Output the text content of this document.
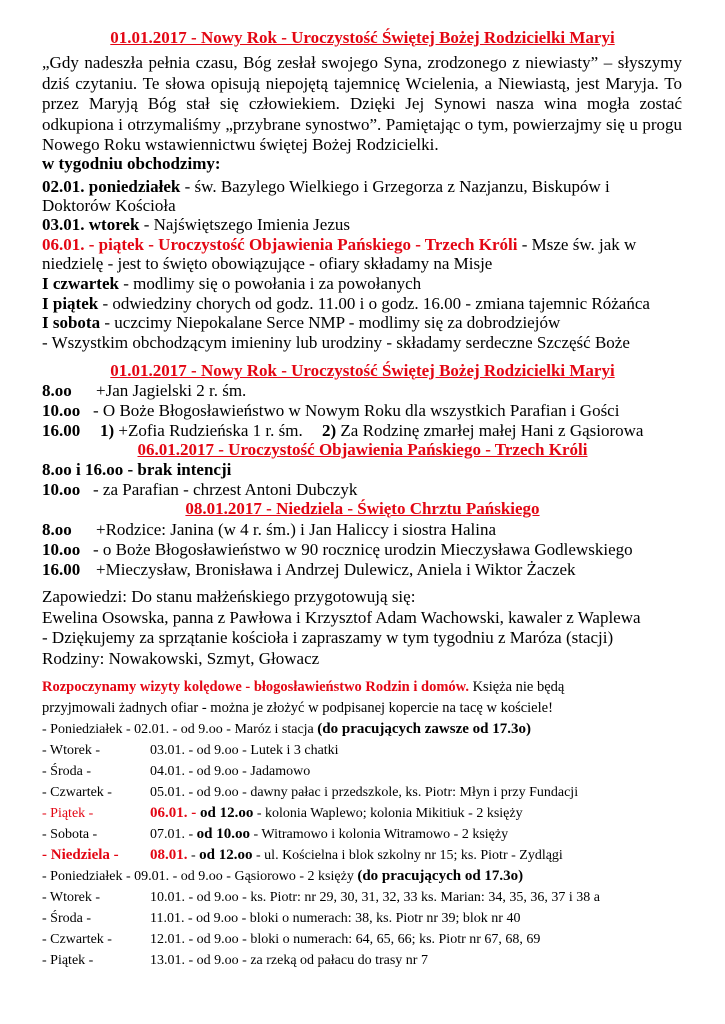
01.01.2017 - Nowy Rok - Uroczystość Świętej Bożej Rodzicielki Maryi

„Gdy nadeszła pełnia czasu, Bóg zesłał swojego Syna, zrodzonego z niewiasty” – słyszymy dziś czytaniu. Te słowa opisują niepojętą tajemnicę Wcielenia, a Niewiastą, jest Maryja. To przez Maryją Bóg stał się człowiekiem. Dzięki Jej Synowi nasza wina mogła zostać odkupiona i otrzymaliśmy „przybrane synostwo”. Pamiętając o tym, powierzajmy się u progu Nowego Roku wstawiennictwu świętej Bożej Rodzicielki.

w tygodniu obchodzimy:
02.01. poniedziałek - św. Bazylego Wielkiego i Grzegorza z Nazjanzu, Biskupów i
Doktorów Kościoła
03.01. wtorek - Najświętszego Imienia Jezus
06.01. - piątek - Uroczystość Objawienia Pańskiego - Trzech Króli - Msze św. jak w
niedzielę - jest to święto obowiązujące - ofiary składamy na Misje
I czwartek - modlimy się o powołania i za powołanych
I piątek - odwiedziny chorych od godz. 11.00 i o godz. 16.00 - zmiana tajemnic Różańca
I sobota - uczcimy Niepokalane Serce NMP - modlimy się za dobrodziejów
- Wszystkim obchodzącym imieniny lub urodziny - składamy serdeczne Szczęść Boże
01.01.2017 - Nowy Rok - Uroczystość Świętej Bożej Rodzicielki Maryi
8.oo +Jan Jagielski 2 r. śm.
10.oo - O Boże Błogosławieństwo w Nowym Roku dla wszystkich Parafian i Gości
16.00 1) +Zofia Rudzieńska 1 r. śm. 2) Za Rodzinę zmarłej małej Hani z Gąsiorowa
06.01.2017 - Uroczystość Objawienia Pańskiego - Trzech Króli
8.oo i 16.oo - brak intencji
10.oo - za Parafian - chrzest Antoni Dubczyk
08.01.2017 - Niedziela - Święto Chrztu Pańskiego
8.oo +Rodzice: Janina (w 4 r. śm.) i Jan Haliccy i siostra Halina
10.oo - o Boże Błogosławieństwo w 90 rocznicę urodzin Mieczysława Godlewskiego
16.00 +Mieczysław, Bronisława i Andrzej Dulewicz, Aniela i Wiktor Żaczek
Zapowiedzi: Do stanu małżeńskiego przygotowują się:
Ewelina Osowska, panna z Pawłowa i Krzysztof Adam Wachowski, kawaler z Waplewa
- Dziękujemy za sprzątanie kościoła i zapraszamy w tym tygodniu z Maróza (stacji)
Rodziny: Nowakowski, Szmyt, Głowacz
Rozpoczynamy wizyty kolędowe - błogosławieństwo Rodzin i domów. Księża nie będą
przyjmowali żadnych ofiar - można je złożyć w podpisanej kopercie na tacę w kościele!
- Poniedziałek - 02.01. - od 9.oo - Maróz i stacja (do pracujących zawsze od 17.3o)
- Wtorek -	03.01. - od 9.oo - Lutek i 3 chatki
- Środa -	04.01. - od 9.oo - Jadamowo
- Czwartek -	05.01. - od 9.oo - dawny pałac i przedszkole, ks. Piotr: Młyn i przy Fundacji
- Piątek -	06.01. - od 12.oo - kolonia Waplewo; kolonia Mikitiuk - 2 księży
- Sobota -	07.01. - od 10.oo - Witramowo i kolonia Witramowo - 2 księży
- Niedziela - 08.01. - od 12.oo - ul. Kościelna i blok szkolny nr 15; ks. Piotr - Zydlągi
- Poniedziałek - 09.01. - od 9.oo - Gąsiorowo - 2 księży (do pracujących od 17.3o)
- Wtorek -	10.01. - od 9.oo - ks. Piotr: nr 29, 30, 31, 32, 33 ks. Marian: 34, 35, 36, 37 i 38 a
- Środa -	11.01. - od 9.oo - bloki o numerach: 38, ks. Piotr nr 39; blok nr 40
- Czwartek -	12.01. - od 9.oo - bloki o numerach: 64, 65, 66; ks. Piotr nr 67, 68, 69
- Piątek -	13.01. - od 9.oo - za rzeką od pałacu do trasy nr 7
